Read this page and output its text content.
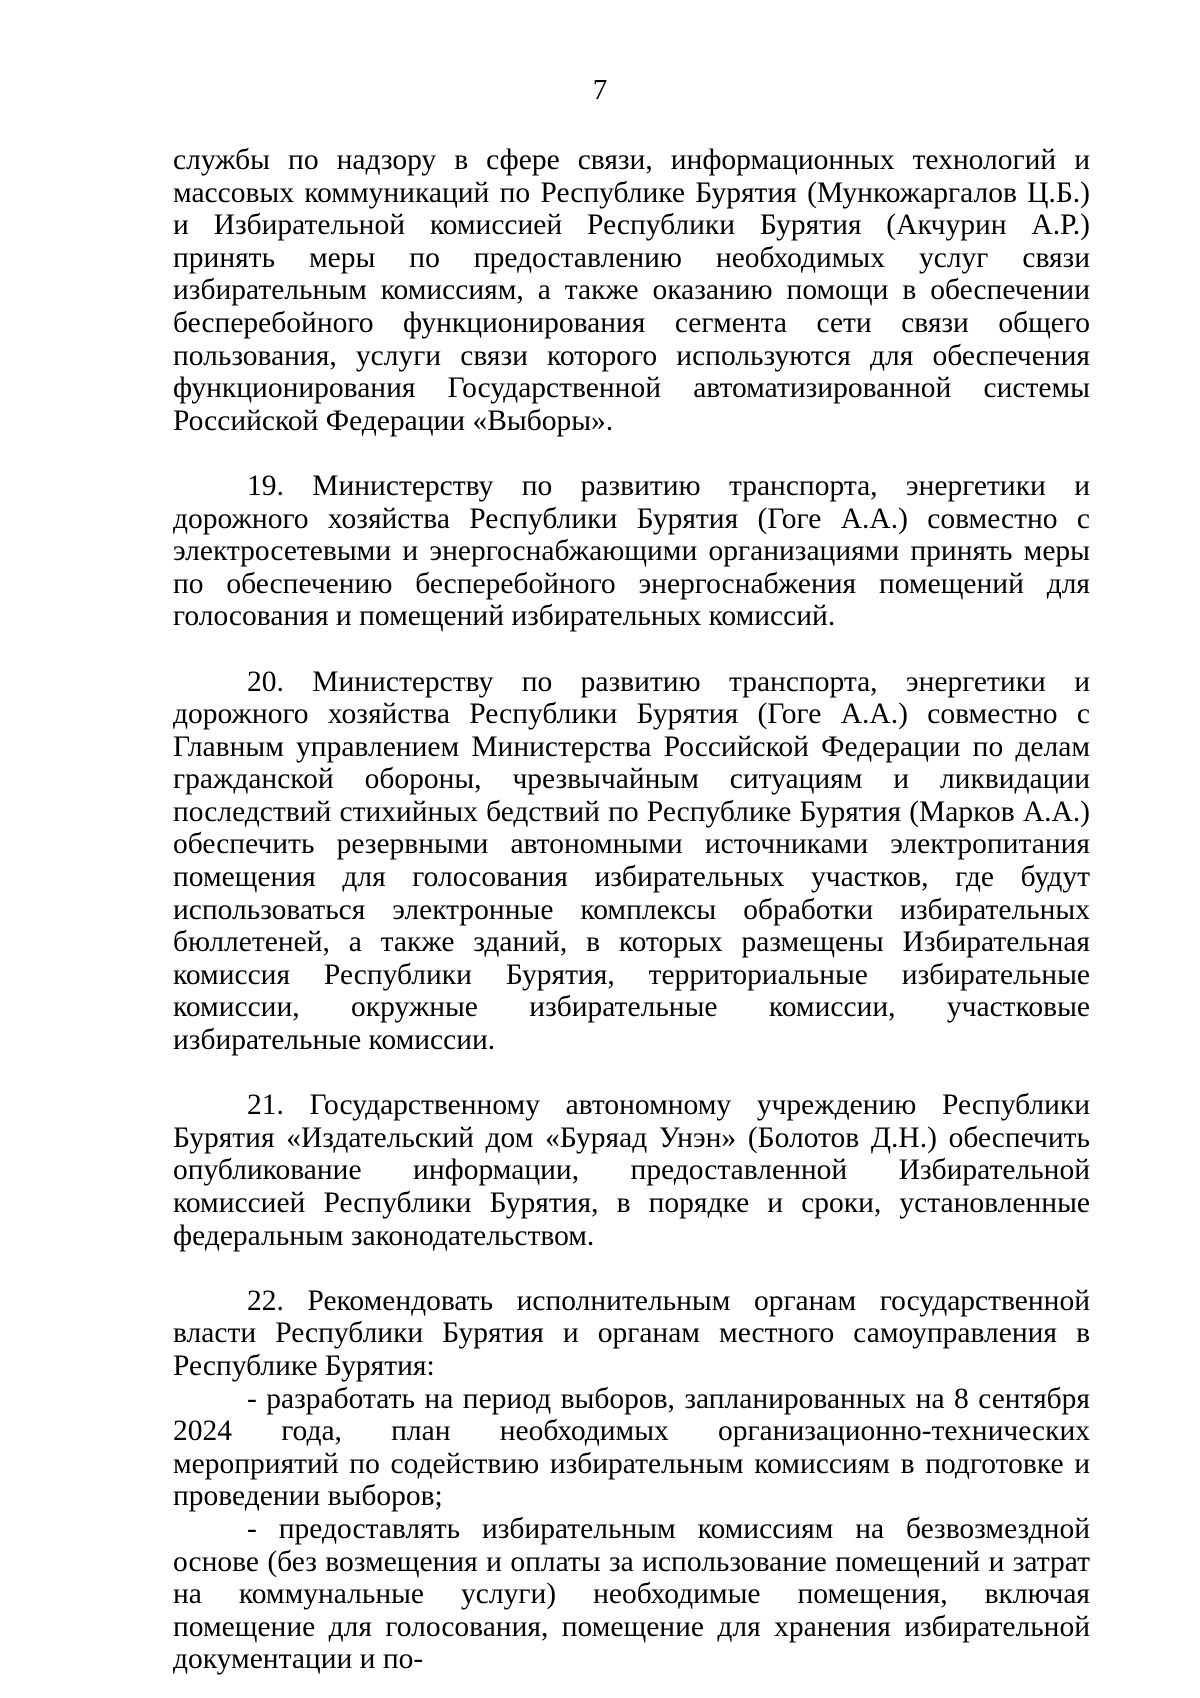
7

службы по надзору в сфере связи, информационных технологий и массовых коммуникаций по Республике Бурятия (Мункожаргалов Ц.Б.) и Избирательной комиссией Республики Бурятия (Акчурин А.Р.) принять меры по предоставлению необходимых услуг связи избирательным комиссиям, а также оказанию помощи в обеспечении бесперебойного функционирования сегмента сети связи общего пользования, услуги связи которого используются для обеспечения функционирования Государственной автоматизированной системы Российской Федерации «Выборы».

19. Министерству по развитию транспорта, энергетики и дорожного хозяйства Республики Бурятия (Гоге А.А.) совместно с электросетевыми и энергоснабжающими организациями принять меры по обеспечению бесперебойного энергоснабжения помещений для голосования и помещений избирательных комиссий.

20. Министерству по развитию транспорта, энергетики и дорожного хозяйства Республики Бурятия (Гоге А.А.) совместно с Главным управлением Министерства Российской Федерации по делам гражданской обороны, чрезвычайным ситуациям и ликвидации последствий стихийных бедствий по Республике Бурятия (Марков А.А.) обеспечить резервными автономными источниками электропитания помещения для голосования избирательных участков, где будут использоваться электронные комплексы обработки избирательных бюллетеней, а также зданий, в которых размещены Избирательная комиссия Республики Бурятия, территориальные избирательные комиссии, окружные избирательные комиссии, участковые избирательные комиссии.

21. Государственному автономному учреждению Республики Бурятия «Издательский дом «Буряад Унэн» (Болотов Д.Н.) обеспечить опубликование информации, предоставленной Избирательной комиссией Республики Бурятия, в порядке и сроки, установленные федеральным законодательством.

22. Рекомендовать исполнительным органам государственной власти Республики Бурятия и органам местного самоуправления в Республике Бурятия:

- разработать на период выборов, запланированных на 8 сентября 2024 года, план необходимых организационно-технических мероприятий по содействию избирательным комиссиям в подготовке и проведении выборов;

- предоставлять избирательным комиссиям на безвозмездной основе (без возмещения и оплаты за использование помещений и затрат на коммунальные услуги) необходимые помещения, включая помещение для голосования, помещение для хранения избирательной документации и по-
